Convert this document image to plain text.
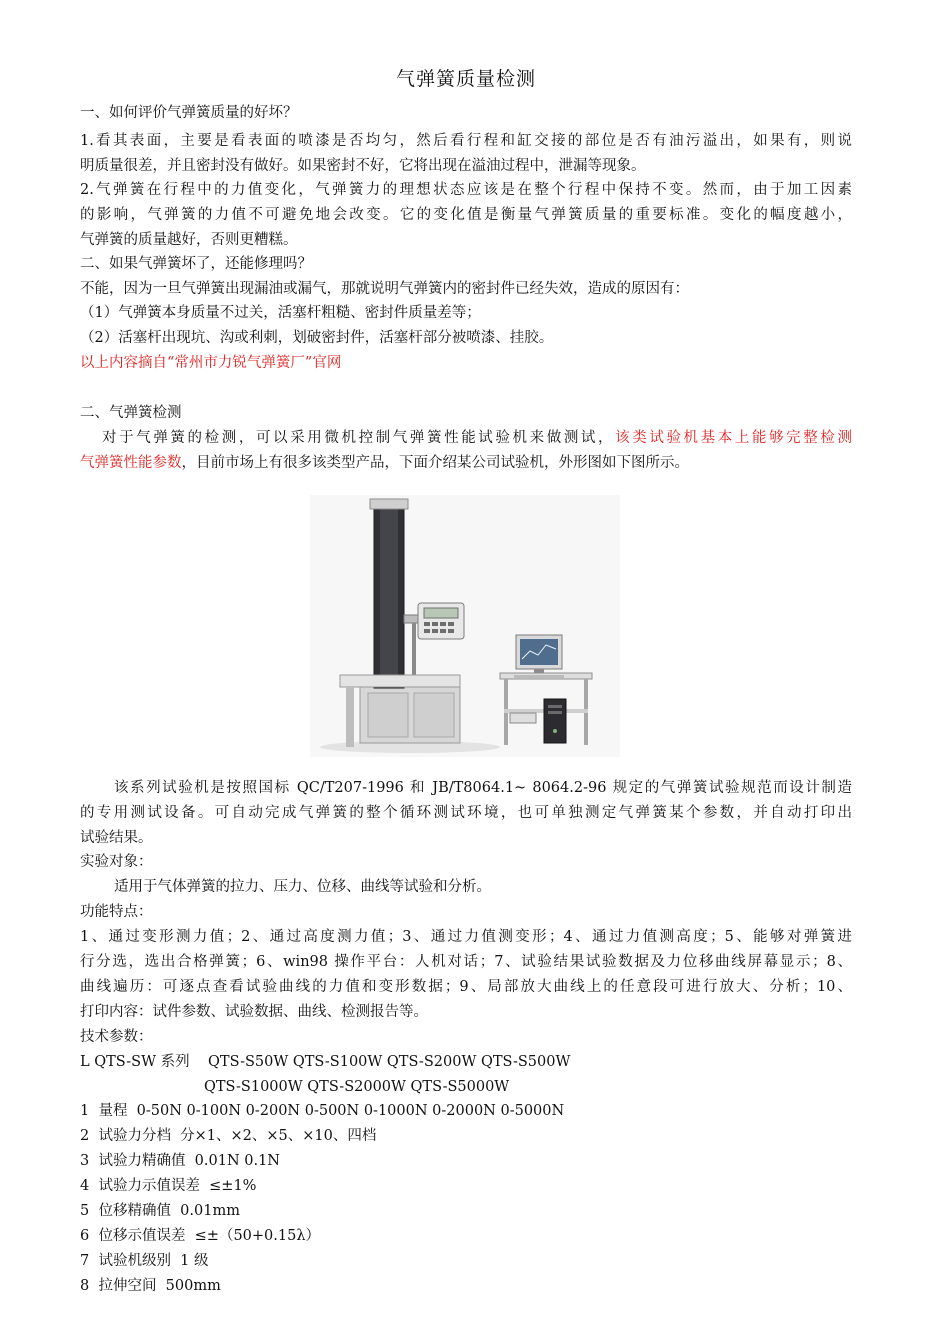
气弹簧质量检测
一、如何评价气弹簧质量的好坏？
1.看其表面，主要是看表面的喷漆是否均匀，然后看行程和缸交接的部位是否有油污溢出，如果有，则说
明质量很差，并且密封没有做好。如果密封不好，它将出现在溢油过程中，泄漏等现象。
2.气弹簧在行程中的力值变化，气弹簧力的理想状态应该是在整个行程中保持不变。然而，由于加工因素
的影响，气弹簧的力值不可避免地会改变。它的变化值是衡量气弹簧质量的重要标准。变化的幅度越小，
气弹簧的质量越好，否则更糟糕。
二、如果气弹簧坏了，还能修理吗？
不能，因为一旦气弹簧出现漏油或漏气，那就说明气弹簧内的密封件已经失效，造成的原因有：
（1）气弹簧本身质量不过关，活塞杆粗糙、密封件质量差等；
（2）活塞杆出现坑、沟或利刺，划破密封件，活塞杆部分被喷漆、挂胶。
以上内容摘自“常州市力锐气弹簧厂”官网
二、气弹簧检测
对于气弹簧的检测，可以采用微机控制气弹簧性能试验机来做测试，该类试验机基本上能够完整检测
气弹簧性能参数，目前市场上有很多该类型产品，下面介绍某公司试验机，外形图如下图所示。
该系列试验机是按照国标 QC/T207-1996 和 JB/T8064.1~ 8064.2-96 规定的气弹簧试验规范而设计制造
的专用测试设备。可自动完成气弹簧的整个循环测试环境，也可单独测定气弹簧某个参数，并自动打印出
试验结果。
实验对象：
适用于气体弹簧的拉力、压力、位移、曲线等试验和分析。
功能特点：
1、通过变形测力值；2、通过高度测力值；3、通过力值测变形；4、通过力值测高度；5、能够对弹簧进
行分选，选出合格弹簧；6、win98 操作平台：人机对话；7、试验结果试验数据及力位移曲线屏幕显示；8、
曲线遍历：可逐点查看试验曲线的力值和变形数据；9、局部放大曲线上的任意段可进行放大、分析；10、
打印内容：试件参数、试验数据、曲线、检测报告等。
技术参数：
L QTS-SW 系列    QTS-S50W QTS-S100W QTS-S200W QTS-S500W
QTS-S1000W QTS-S2000W QTS-S5000W
1  量程  0-50N 0-100N 0-200N 0-500N 0-1000N 0-2000N 0-5000N
2  试验力分档  分×1、×2、×5、×10、四档
3  试验力精确值  0.01N 0.1N
4  试验力示值误差  ≤±1%
5  位移精确值  0.01mm
6  位移示值误差  ≤±（50+0.15λ）
7  试验机级别  1 级
8  拉伸空间  500mm
